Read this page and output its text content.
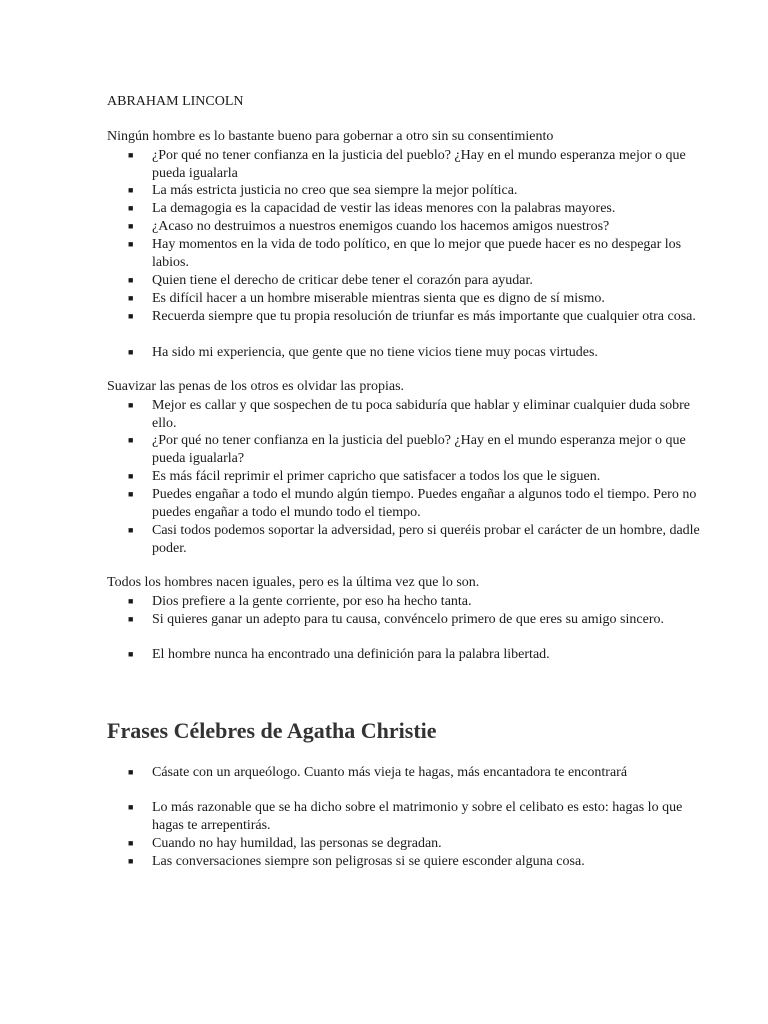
ABRAHAM LINCOLN
Ningún hombre es lo bastante bueno para gobernar a otro sin su consentimiento
■ ¿Por qué no tener confianza en la justicia del pueblo? ¿Hay en el mundo esperanza mejor o que pueda igualarla
■ La más estricta justicia no creo que sea siempre la mejor política.
■ La demagogia es la capacidad de vestir las ideas menores con la palabras mayores.
■ ¿Acaso no destruimos a nuestros enemigos cuando los hacemos amigos nuestros?
■ Hay momentos en la vida de todo político, en que lo mejor que puede hacer es no despegar los labios.
■ Quien tiene el derecho de criticar debe tener el corazón para ayudar.
■ Es difícil hacer a un hombre miserable mientras sienta que es digno de sí mismo.
■ Recuerda siempre que tu propia resolución de triunfar es más importante que cualquier otra cosa.
■ Ha sido mi experiencia, que gente que no tiene vicios tiene muy pocas virtudes.
Suavizar las penas de los otros es olvidar las propias.
■ Mejor es callar y que sospechen de tu poca sabiduría que hablar y eliminar cualquier duda sobre ello.
■ ¿Por qué no tener confianza en la justicia del pueblo? ¿Hay en el mundo esperanza mejor o que pueda igualarla?
■ Es más fácil reprimir el primer capricho que satisfacer a todos los que le siguen.
■ Puedes engañar a todo el mundo algún tiempo. Puedes engañar a algunos todo el tiempo. Pero no puedes engañar a todo el mundo todo el tiempo.
■ Casi todos podemos soportar la adversidad, pero si queréis probar el carácter de un hombre, dadle poder.
Todos los hombres nacen iguales, pero es la última vez que lo son.
■ Dios prefiere a la gente corriente, por eso ha hecho tanta.
■ Si quieres ganar un adepto para tu causa, convéncelo primero de que eres su amigo sincero.
■ El hombre nunca ha encontrado una definición para la palabra libertad.
Frases Célebres de Agatha Christie
■ Cásate con un arqueólogo. Cuanto más vieja te hagas, más encantadora te encontrará
■ Lo más razonable que se ha dicho sobre el matrimonio y sobre el celibato es esto: hagas lo que hagas te arrepentirás.
■ Cuando no hay humildad, las personas se degradan.
■ Las conversaciones siempre son peligrosas si se quiere esconder alguna cosa.
